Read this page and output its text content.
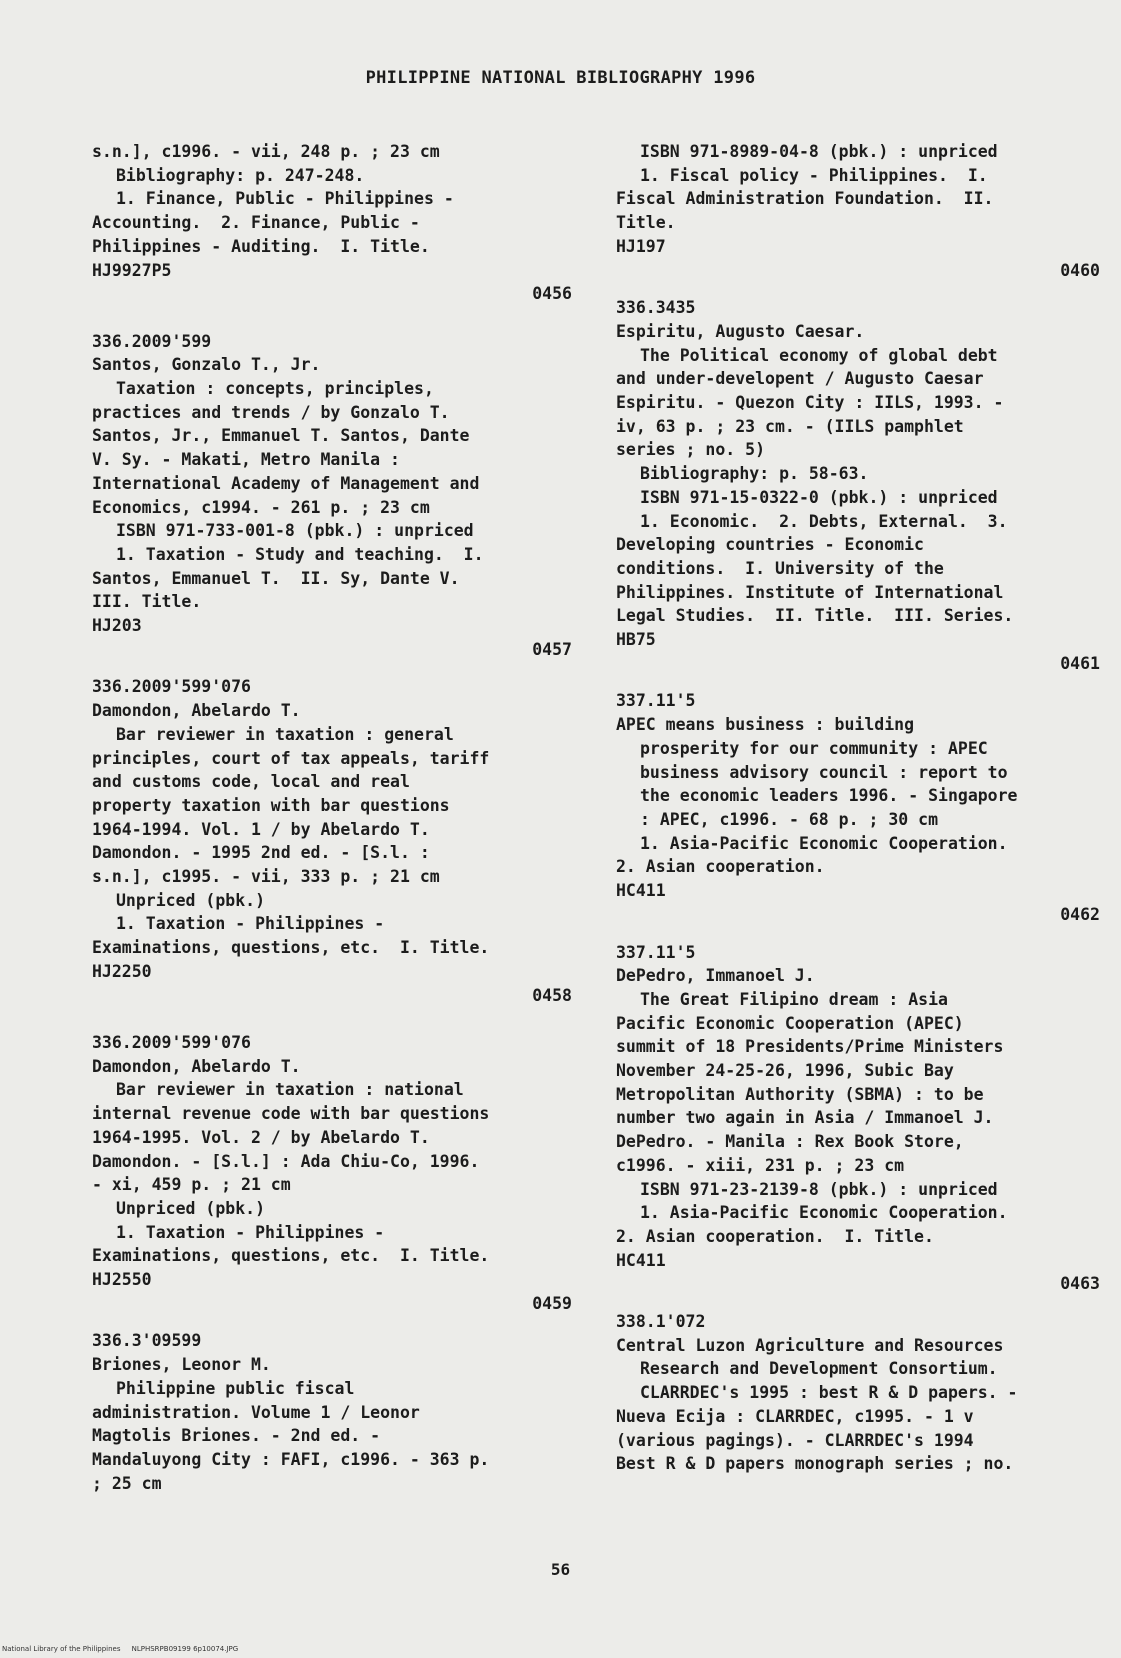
PHILIPPINE NATIONAL BIBLIOGRAPHY 1996
s.n.], c1996. - vii, 248 p. ; 23 cm
Bibliography: p. 247-248.
1. Finance, Public - Philippines -
Accounting.  2. Finance, Public -
Philippines - Auditing.  I. Title.
HJ9927P5
0456
336.2009'599
Santos, Gonzalo T., Jr.
Taxation : concepts, principles,
practices and trends / by Gonzalo T.
Santos, Jr., Emmanuel T. Santos, Dante
V. Sy. - Makati, Metro Manila :
International Academy of Management and
Economics, c1994. - 261 p. ; 23 cm
ISBN 971-733-001-8 (pbk.) : unpriced
1. Taxation - Study and teaching.  I.
Santos, Emmanuel T.  II. Sy, Dante V.
III. Title.
HJ203
0457
336.2009'599'076
Damondon, Abelardo T.
Bar reviewer in taxation : general
principles, court of tax appeals, tariff
and customs code, local and real
property taxation with bar questions
1964-1994. Vol. 1 / by Abelardo T.
Damondon. - 1995 2nd ed. - [S.l. :
s.n.], c1995. - vii, 333 p. ; 21 cm
Unpriced (pbk.)
1. Taxation - Philippines -
Examinations, questions, etc.  I. Title.
HJ2250
0458
336.2009'599'076
Damondon, Abelardo T.
Bar reviewer in taxation : national
internal revenue code with bar questions
1964-1995. Vol. 2 / by Abelardo T.
Damondon. - [S.l.] : Ada Chiu-Co, 1996.
- xi, 459 p. ; 21 cm
Unpriced (pbk.)
1. Taxation - Philippines -
Examinations, questions, etc.  I. Title.
HJ2550
0459
336.3'09599
Briones, Leonor M.
Philippine public fiscal
administration. Volume 1 / Leonor
Magtolis Briones. - 2nd ed. -
Mandaluyong City : FAFI, c1996. - 363 p.
; 25 cm
ISBN 971-8989-04-8 (pbk.) : unpriced
1. Fiscal policy - Philippines.  I.
Fiscal Administration Foundation.  II.
Title.
HJ197
0460
336.3435
Espiritu, Augusto Caesar.
The Political economy of global debt
and under-developent / Augusto Caesar
Espiritu. - Quezon City : IILS, 1993. -
iv, 63 p. ; 23 cm. - (IILS pamphlet
series ; no. 5)
Bibliography: p. 58-63.
ISBN 971-15-0322-0 (pbk.) : unpriced
1. Economic.  2. Debts, External.  3.
Developing countries - Economic
conditions.  I. University of the
Philippines. Institute of International
Legal Studies.  II. Title.  III. Series.
HB75
0461
337.11'5
APEC means business : building
prosperity for our community : APEC
business advisory council : report to
the economic leaders 1996. - Singapore
: APEC, c1996. - 68 p. ; 30 cm
1. Asia-Pacific Economic Cooperation.
2. Asian cooperation.
HC411
0462
337.11'5
DePedro, Immanoel J.
The Great Filipino dream : Asia
Pacific Economic Cooperation (APEC)
summit of 18 Presidents/Prime Ministers
November 24-25-26, 1996, Subic Bay
Metropolitan Authority (SBMA) : to be
number two again in Asia / Immanoel J.
DePedro. - Manila : Rex Book Store,
c1996. - xiii, 231 p. ; 23 cm
ISBN 971-23-2139-8 (pbk.) : unpriced
1. Asia-Pacific Economic Cooperation.
2. Asian cooperation.  I. Title.
HC411
0463
338.1'072
Central Luzon Agriculture and Resources
Research and Development Consortium.
CLARRDEC's 1995 : best R & D papers. -
Nueva Ecija : CLARRDEC, c1995. - 1 v
(various pagings). - CLARRDEC's 1994
Best R & D papers monograph series ; no.
56
National Library of the Philippines     NLPHSRPB09199 6p10074.JPG
